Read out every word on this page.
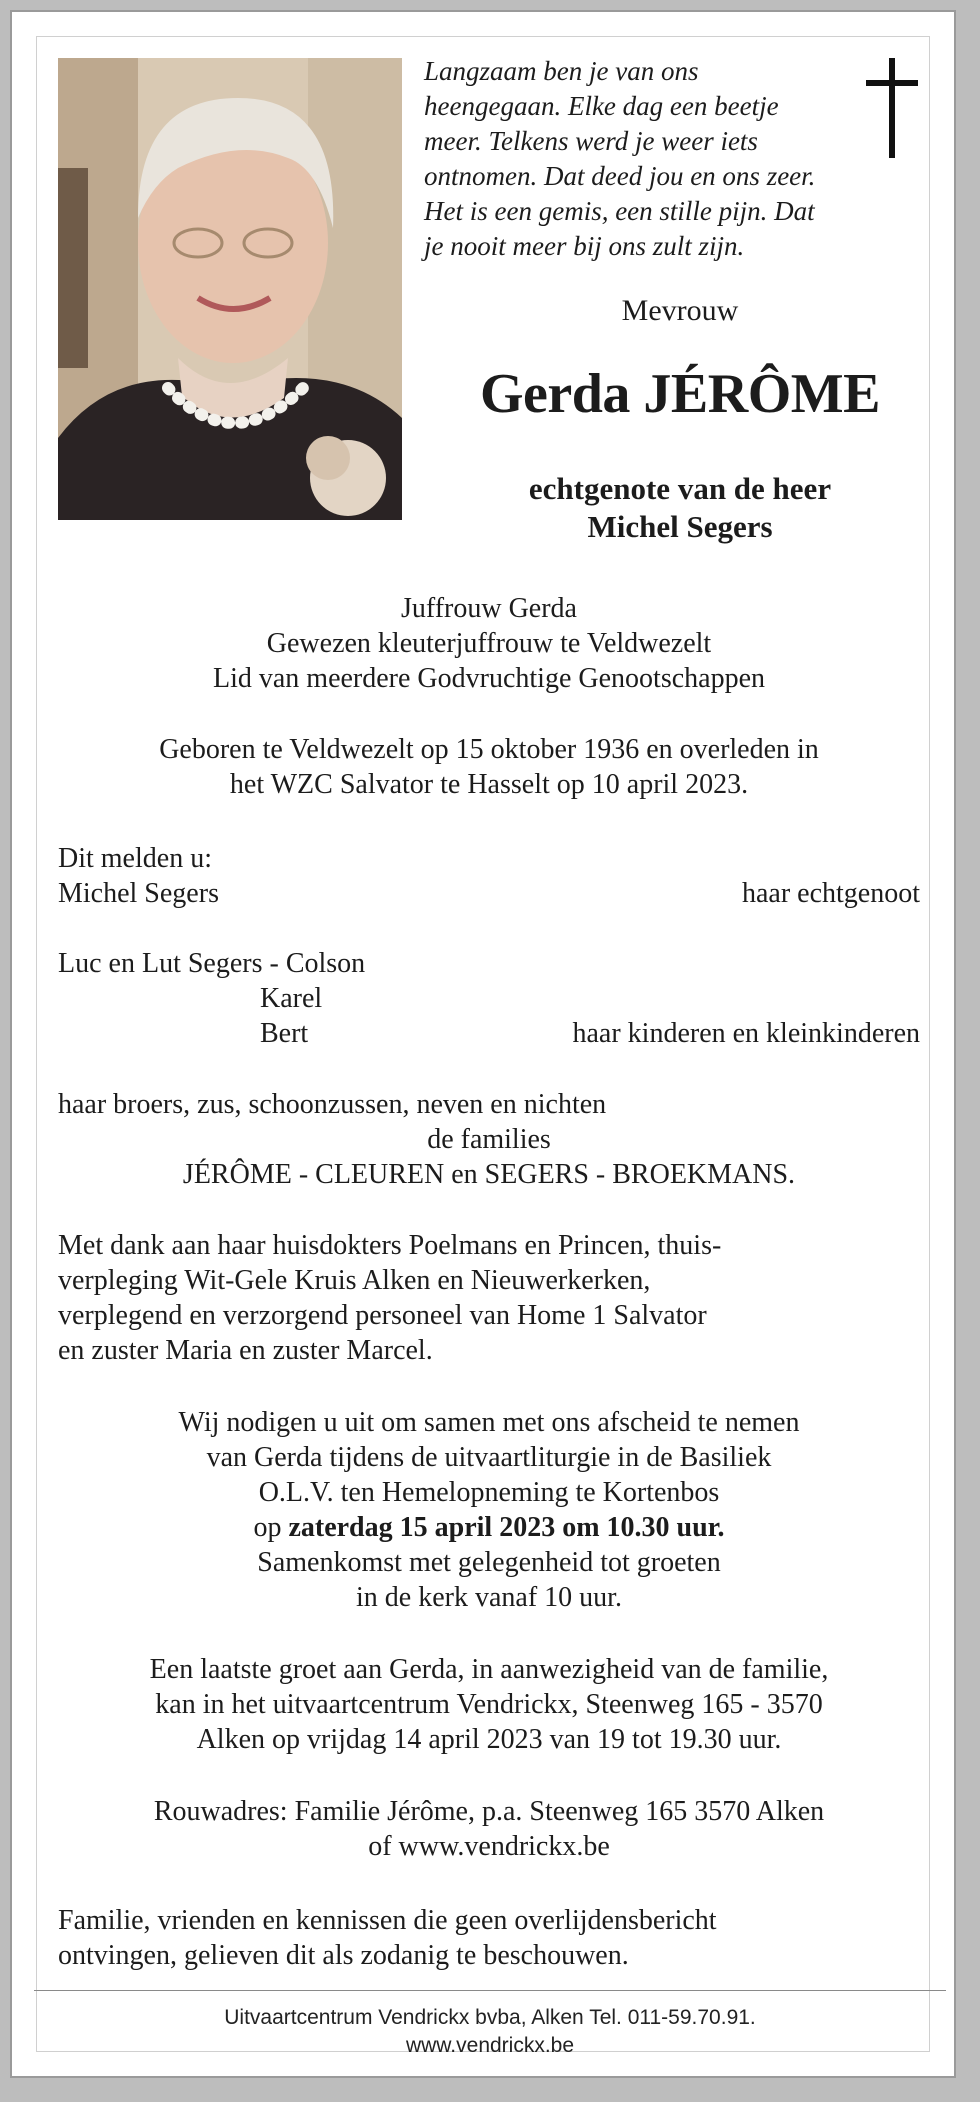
Langzaam ben je van ons
heengegaan. Elke dag een beetje
meer. Telkens werd je weer iets
ontnomen. Dat deed jou en ons zeer.
Het is een gemis, een stille pijn. Dat
je nooit meer bij ons zult zijn.
Mevrouw
Gerda JÉRÔME
echtgenote van de heer
Michel Segers
Juffrouw Gerda
Gewezen kleuterjuffrouw te Veldwezelt
Lid van meerdere Godvruchtige Genootschappen
Geboren te Veldwezelt op 15 oktober 1936 en overleden in
het WZC Salvator te Hasselt op 10 april 2023.
Dit melden u:
Michel Segers	haar echtgenoot
Luc en Lut Segers - Colson
Karel
Bert	haar kinderen en kleinkinderen
haar broers, zus, schoonzussen, neven en nichten
de families
JÉRÔME - CLEUREN en SEGERS - BROEKMANS.
Met dank aan haar huisdokters Poelmans en Princen, thuis-
verpleging Wit-Gele Kruis Alken en Nieuwerkerken,
verplegend en verzorgend personeel van Home 1 Salvator
en zuster Maria en zuster Marcel.
Wij nodigen u uit om samen met ons afscheid te nemen
van Gerda tijdens de uitvaartliturgie in de Basiliek
O.L.V. ten Hemelopneming te Kortenbos
op zaterdag 15 april 2023 om 10.30 uur.
Samenkomst met gelegenheid tot groeten
in de kerk vanaf 10 uur.
Een laatste groet aan Gerda, in aanwezigheid van de familie,
kan in het uitvaartcentrum Vendrickx, Steenweg 165 - 3570
Alken op vrijdag 14 april 2023 van 19 tot 19.30 uur.
Rouwadres: Familie Jérôme, p.a. Steenweg 165 3570 Alken
of www.vendrickx.be
Familie, vrienden en kennissen die geen overlijdensbericht
ontvingen, gelieven dit als zodanig te beschouwen.
Uitvaartcentrum Vendrickx bvba, Alken Tel. 011-59.70.91.
www.vendrickx.be
